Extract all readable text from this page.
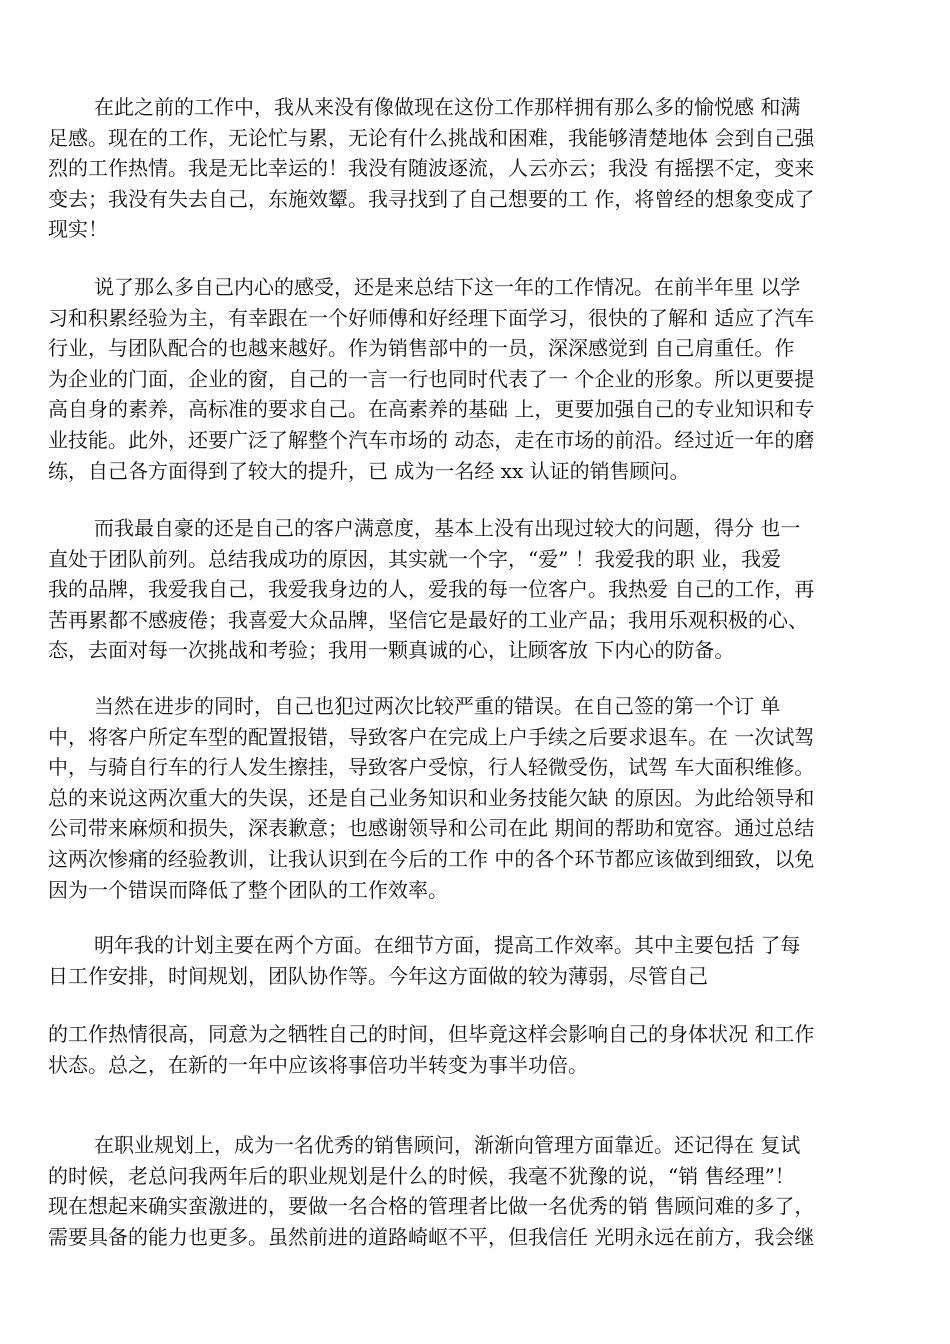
在此之前的工作中，我从来没有像做现在这份工作那样拥有那么多的愉悦感 和满
足感。现在的工作，无论忙与累，无论有什么挑战和困难，我能够清楚地体 会到自己强
烈的工作热情。我是无比幸运的！我没有随波逐流，人云亦云；我没 有摇摆不定，变来
变去；我没有失去自己，东施效颦。我寻找到了自己想要的工 作，将曾经的想象变成了
现实！
说了那么多自己内心的感受，还是来总结下这一年的工作情况。在前半年里 以学
习和积累经验为主，有幸跟在一个好师傅和好经理下面学习，很快的了解和 适应了汽车
行业，与团队配合的也越来越好。作为销售部中的一员，深深感觉到 自己肩重任。作
为企业的门面，企业的窗，自己的一言一行也同时代表了一 个企业的形象。所以更要提
高自身的素养，高标准的要求自己。在高素养的基础 上，更要加强自己的专业知识和专
业技能。此外，还要广泛了解整个汽车市场的 动态，走在市场的前沿。经过近一年的磨
练，自己各方面得到了较大的提升，已 成为一名经 xx 认证的销售顾问。
而我最自豪的还是自己的客户满意度，基本上没有出现过较大的问题，得分 也一
直处于团队前列。总结我成功的原因，其实就一个字，“爱” ！我爱我的职 业，我爱
我的品牌，我爱我自己，我爱我身边的人，爱我的每一位客户。我热爱 自己的工作，再
苦再累都不感疲倦；我喜爱大众品牌，坚信它是最好的工业产品；我用乐观积极的心、
态，去面对每一次挑战和考验；我用一颗真诚的心，让顾客放 下内心的防备。
当然在进步的同时，自己也犯过两次比较严重的错误。在自己签的第一个订 单
中，将客户所定车型的配置报错，导致客户在完成上户手续之后要求退车。在 一次试驾
中，与骑自行车的行人发生擦挂，导致客户受惊，行人轻微受伤，试驾 车大面积维修。
总的来说这两次重大的失误，还是自己业务知识和业务技能欠缺 的原因。为此给领导和
公司带来麻烦和损失，深表歉意；也感谢领导和公司在此 期间的帮助和宽容。通过总结
这两次惨痛的经验教训，让我认识到在今后的工作 中的各个环节都应该做到细致，以免
因为一个错误而降低了整个团队的工作效率。
明年我的计划主要在两个方面。在细节方面，提高工作效率。其中主要包括 了每
日工作安排，时间规划，团队协作等。今年这方面做的较为薄弱，尽管自己
的工作热情很高，同意为之牺牲自己的时间，但毕竟这样会影响自己的身体状况 和工作
状态。总之，在新的一年中应该将事倍功半转变为事半功倍。
在职业规划上，成为一名优秀的销售顾问，渐渐向管理方面靠近。还记得在 复试
的时候，老总问我两年后的职业规划是什么的时候，我毫不犹豫的说，“销 售经理”！
现在想起来确实蛮激进的，要做一名合格的管理者比做一名优秀的销 售顾问难的多了，
需要具备的能力也更多。虽然前进的道路崎岖不平，但我信任 光明永远在前方，我会继
